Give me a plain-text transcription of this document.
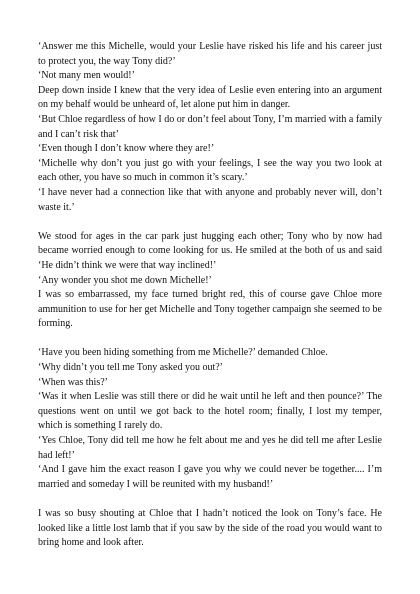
‘Answer me this Michelle, would your Leslie have risked his life and his career just to protect you, the way Tony did?’

‘Not many men would!’

Deep down inside I knew that the very idea of Leslie even entering into an argument on my behalf would be unheard of, let alone put him in danger.

‘But Chloe regardless of how I do or don’t feel about Tony, I’m married with a family and I can’t risk that’

‘Even though I don’t know where they are!’

‘Michelle why don’t you just go with your feelings, I see the way you two look at each other, you have so much in common it’s scary.’

‘I have never had a connection like that with anyone and probably never will, don’t waste it.’

We stood for ages in the car park just hugging each other; Tony who by now had became worried enough to come looking for us. He smiled at the both of us and said ‘He didn’t think we were that way inclined!’

‘Any wonder you shot me down Michelle!’

I was so embarrassed, my face turned bright red, this of course gave Chloe more ammunition to use for her get Michelle and Tony together campaign she seemed to be forming.

‘Have you been hiding something from me Michelle?’ demanded Chloe.

‘Why didn’t you tell me Tony asked you out?’

‘When was this?’

‘Was it when Leslie was still there or did he wait until he left and then pounce?’ The questions went on until we got back to the hotel room; finally, I lost my temper, which is something I rarely do.

‘Yes Chloe, Tony did tell me how he felt about me and yes he did tell me after Leslie had left!’

‘And I gave him the exact reason I gave you why we could never be together.... I’m married and someday I will be reunited with my husband!’

I was so busy shouting at Chloe that I hadn’t noticed the look on Tony’s face. He looked like a little lost lamb that if you saw by the side of the road you would want to bring home and look after.
